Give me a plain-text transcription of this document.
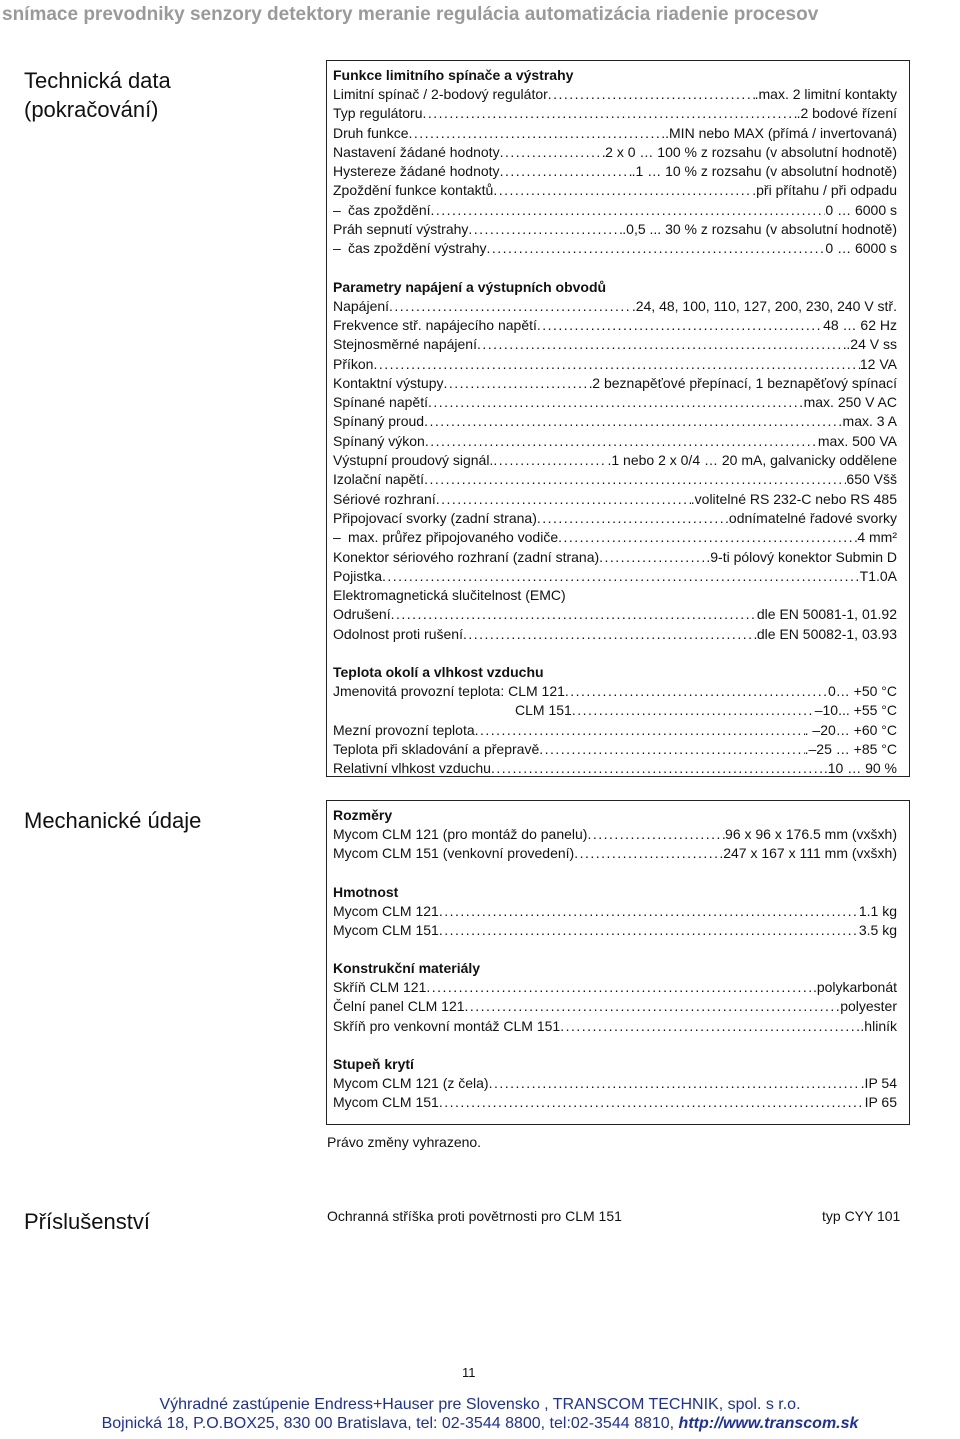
snímace prevodniky senzory detektory meranie regulácia automatizácia riadenie procesov
Technická data
(pokračování)
Funkce limitního spínače a výstrahy
Limitní spínač / 2-bodový regulátor . . .	.max. 2 limitní kontakty
Typ regulátoru . . .	.2 bodové řízení
Druh funkce . . .	.MIN nebo MAX (přímá / invertovaná)
Nastavení žádané hodnoty . . .	2 x 0 … 100 % z rozsahu (v absolutní hodnotě)
Hystereze žádané hodnoty . . .	.1 … 10 % z rozsahu (v absolutní hodnotě)
Zpoždění funkce kontaktů . . .	.při přítahu / při odpadu
– čas zpoždění . . .	0 … 6000 s
Práh sepnutí výstrahy . . .	.0,5 ... 30 % z rozsahu (v absolutní hodnotě)
– čas zpoždění výstrahy . . .	0 … 6000 s
Parametry napájení a výstupních obvodů
Napájení . . .	.24, 48, 100, 110, 127, 200, 230, 240 V stř.
Frekvence stř. napájecího napětí . . .	48 … 62 Hz
Stejnosměrné napájení . . .	.24 V ss
Příkon . . .	12 VA
Kontaktní výstupy . . .	2 beznapěťové přepínací, 1 beznapěťový spínací
Spínané napětí . . .	max. 250 V AC
Spínaný proud . . .	max. 3 A
Spínaný výkon . . .	max. 500 VA
Výstupní proudový signál. . . .	.1 nebo 2 x 0/4 … 20 mA, galvanicky oddělene
Izolační napětí . . .	650 Všš
Sériové rozhraní . . .	.volitelné RS 232-C nebo RS 485
Připojovací svorky (zadní strana) . . .	.odnímatelné řadové svorky
– max. průřez připojovaného vodiče . . .	4 mm²
Konektor sériového rozhraní (zadní strana) . . .	.9-ti pólový konektor Submin D
Pojistka . . .	T1.0A
Elektromagnetická slučitelnost (EMC)
Odrušení . . .	dle EN 50081-1, 01.92
Odolnost proti rušení . . .	dle EN 50082-1, 03.93
Teplota okolí a vlhkost vzduchu
Jmenovitá provozní teplota: CLM 121 . . .	0… +50 °C
CLM 151 . . .	–10... +55 °C
Mezní provozní teplota . . .	. –20… +60 °C
Teplota při skladování a přepravě . . .	.–25 … +85 °C
Relativní vlhkost vzduchu . . .	.10 … 90 %
Mechanické údaje	Rozměry
Mycom CLM 121 (pro montáž do panelu) . . .	96 x 96 x 176.5 mm (vxšxh)
Mycom CLM 151 (venkovní provedení) . . .	.247 x 167 x 111 mm (vxšxh)
Hmotnost
Mycom CLM 121 . . .	1.1 kg
Mycom CLM 151 . . .	3.5 kg
Konstrukční materiály
Skříň CLM 121 . . .	.polykarbonát
Čelní panel CLM 121 . . .	polyester
Skříň pro venkovní montáž CLM 151 . . .	.hliník
Stupeň krytí
Mycom CLM 121 (z čela) . . .	.IP 54
Mycom CLM 151 . . .	IP 65
Právo změny vyhrazeno.
Příslušenství	Ochranná stříška proti povětrnosti pro CLM 151	typ CYY 101
11
Výhradné zastúpenie Endress+Hauser pre Slovensko , TRANSCOM TECHNIK, spol. s r.o.
Bojnická 18, P.O.BOX25, 830 00 Bratislava, tel: 02-3544 8800, tel:02-3544 8810, http://www.transcom.sk
